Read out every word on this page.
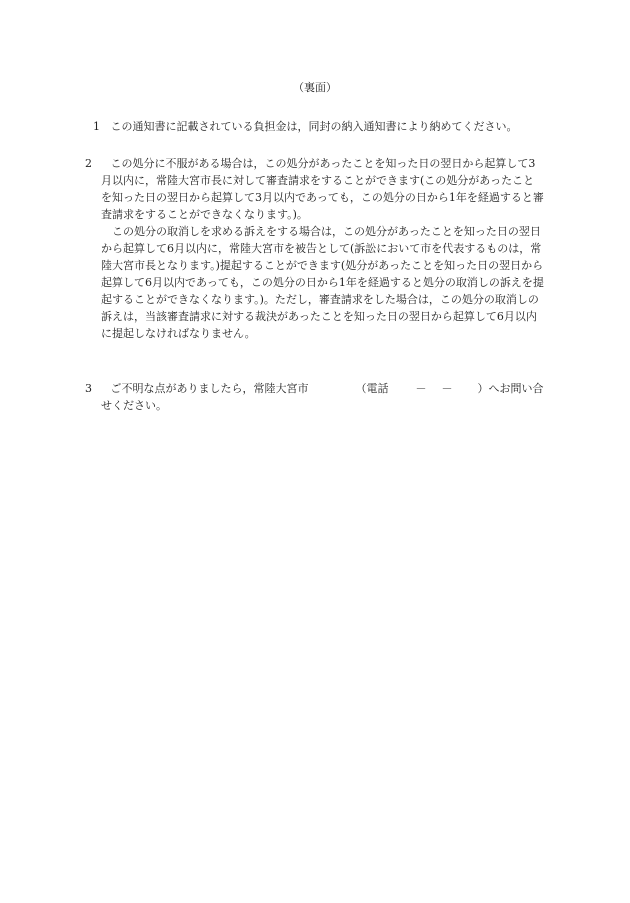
（裏面）

1 この通知書に記載されている負担金は，同封の納入通知書により納めてください。

2 この処分に不服がある場合は，この処分があったことを知った日の翌日から起算して3月以内に，常陸大宮市長に対して審査請求をすることができます(この処分があったことを知った日の翌日から起算して3月以内であっても，この処分の日から1年を経過すると審査請求をすることができなくなります。)。

この処分の取消しを求める訴えをする場合は，この処分があったことを知った日の翌日から起算して6月以内に，常陸大宮市を被告として(訴訟において市を代表するものは，常陸大宮市長となります。)提起することができます(処分があったことを知った日の翌日から起算して6月以内であっても，この処分の日から1年を経過すると処分の取消しの訴えを提起することができなくなります。)。ただし，審査請求をした場合は，この処分の取消しの訴えは，当該審査請求に対する裁決があったことを知った日の翌日から起算して6月以内に提起しなければなりません。

3 ご不明な点がありましたら，常陸大宮市	（電話 － － ）へお問い合せください。
